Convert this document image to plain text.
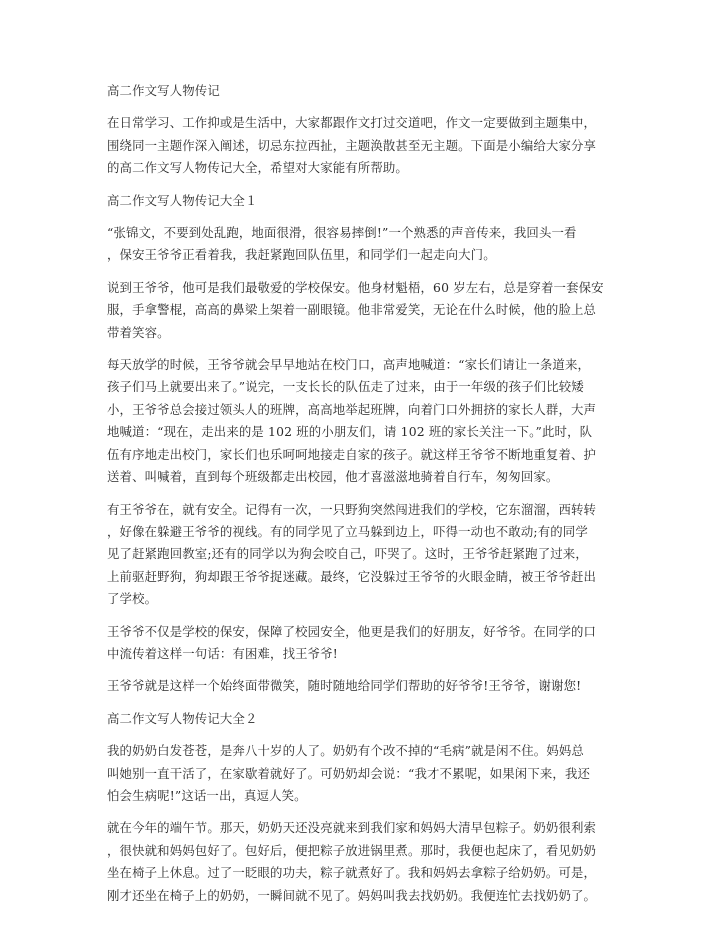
高二作文写人物传记

在日常学习、工作抑或是生活中，大家都跟作文打过交道吧，作文一定要做到主题集中，
围绕同一主题作深入阐述，切忌东拉西扯，主题涣散甚至无主题。下面是小编给大家分享
的高二作文写人物传记大全，希望对大家能有所帮助。

高二作文写人物传记大全１

“张锦文，不要到处乱跑，地面很滑，很容易摔倒!”一个熟悉的声音传来，我回头一看
，保安王爷爷正看着我，我赶紧跑回队伍里，和同学们一起走向大门。

说到王爷爷，他可是我们最敬爱的学校保安。他身材魁梧，60 岁左右，总是穿着一套保安
服，手拿警棍，高高的鼻梁上架着一副眼镜。他非常爱笑，无论在什么时候，他的脸上总
带着笑容。

每天放学的时候，王爷爷就会早早地站在校门口，高声地喊道：“家长们请让一条道来，
孩子们马上就要出来了。”说完，一支长长的队伍走了过来，由于一年级的孩子们比较矮
小，王爷爷总会接过领头人的班牌，高高地举起班牌，向着门口外拥挤的家长人群，大声
地喊道：“现在，走出来的是 102 班的小朋友们，请 102 班的家长关注一下。”此时，队
伍有序地走出校门，家长们也乐呵呵地接走自家的孩子。就这样王爷爷不断地重复着、护
送着、叫喊着，直到每个班级都走出校园，他才喜滋滋地骑着自行车，匆匆回家。

有王爷爷在，就有安全。记得有一次，一只野狗突然闯进我们的学校，它东溜溜，西转转
，好像在躲避王爷爷的视线。有的同学见了立马躲到边上，吓得一动也不敢动;有的同学
见了赶紧跑回教室;还有的同学以为狗会咬自己，吓哭了。这时，王爷爷赶紧跑了过来，
上前驱赶野狗，狗却跟王爷爷捉迷藏。最终，它没躲过王爷爷的火眼金睛，被王爷爷赶出
了学校。

王爷爷不仅是学校的保安，保障了校园安全，他更是我们的好朋友，好爷爷。在同学的口
中流传着这样一句话：有困难，找王爷爷!

王爷爷就是这样一个始终面带微笑，随时随地给同学们帮助的好爷爷!王爷爷，谢谢您!

高二作文写人物传记大全２

我的奶奶白发苍苍，是奔八十岁的人了。奶奶有个改不掉的“毛病”就是闲不住。妈妈总
叫她别一直干活了，在家歇着就好了。可奶奶却会说：“我才不累呢，如果闲下来，我还
怕会生病呢!”这话一出，真逗人笑。

就在今年的端午节。那天，奶奶天还没亮就来到我们家和妈妈大清早包粽子。奶奶很利索
，很快就和妈妈包好了。包好后，便把粽子放进锅里煮。那时，我便也起床了，看见奶奶
坐在椅子上休息。过了一眨眼的功夫，粽子就煮好了。我和妈妈去拿粽子给奶奶。可是，
刚才还坐在椅子上的奶奶，一瞬间就不见了。妈妈叫我去找奶奶。我便连忙去找奶奶了。
